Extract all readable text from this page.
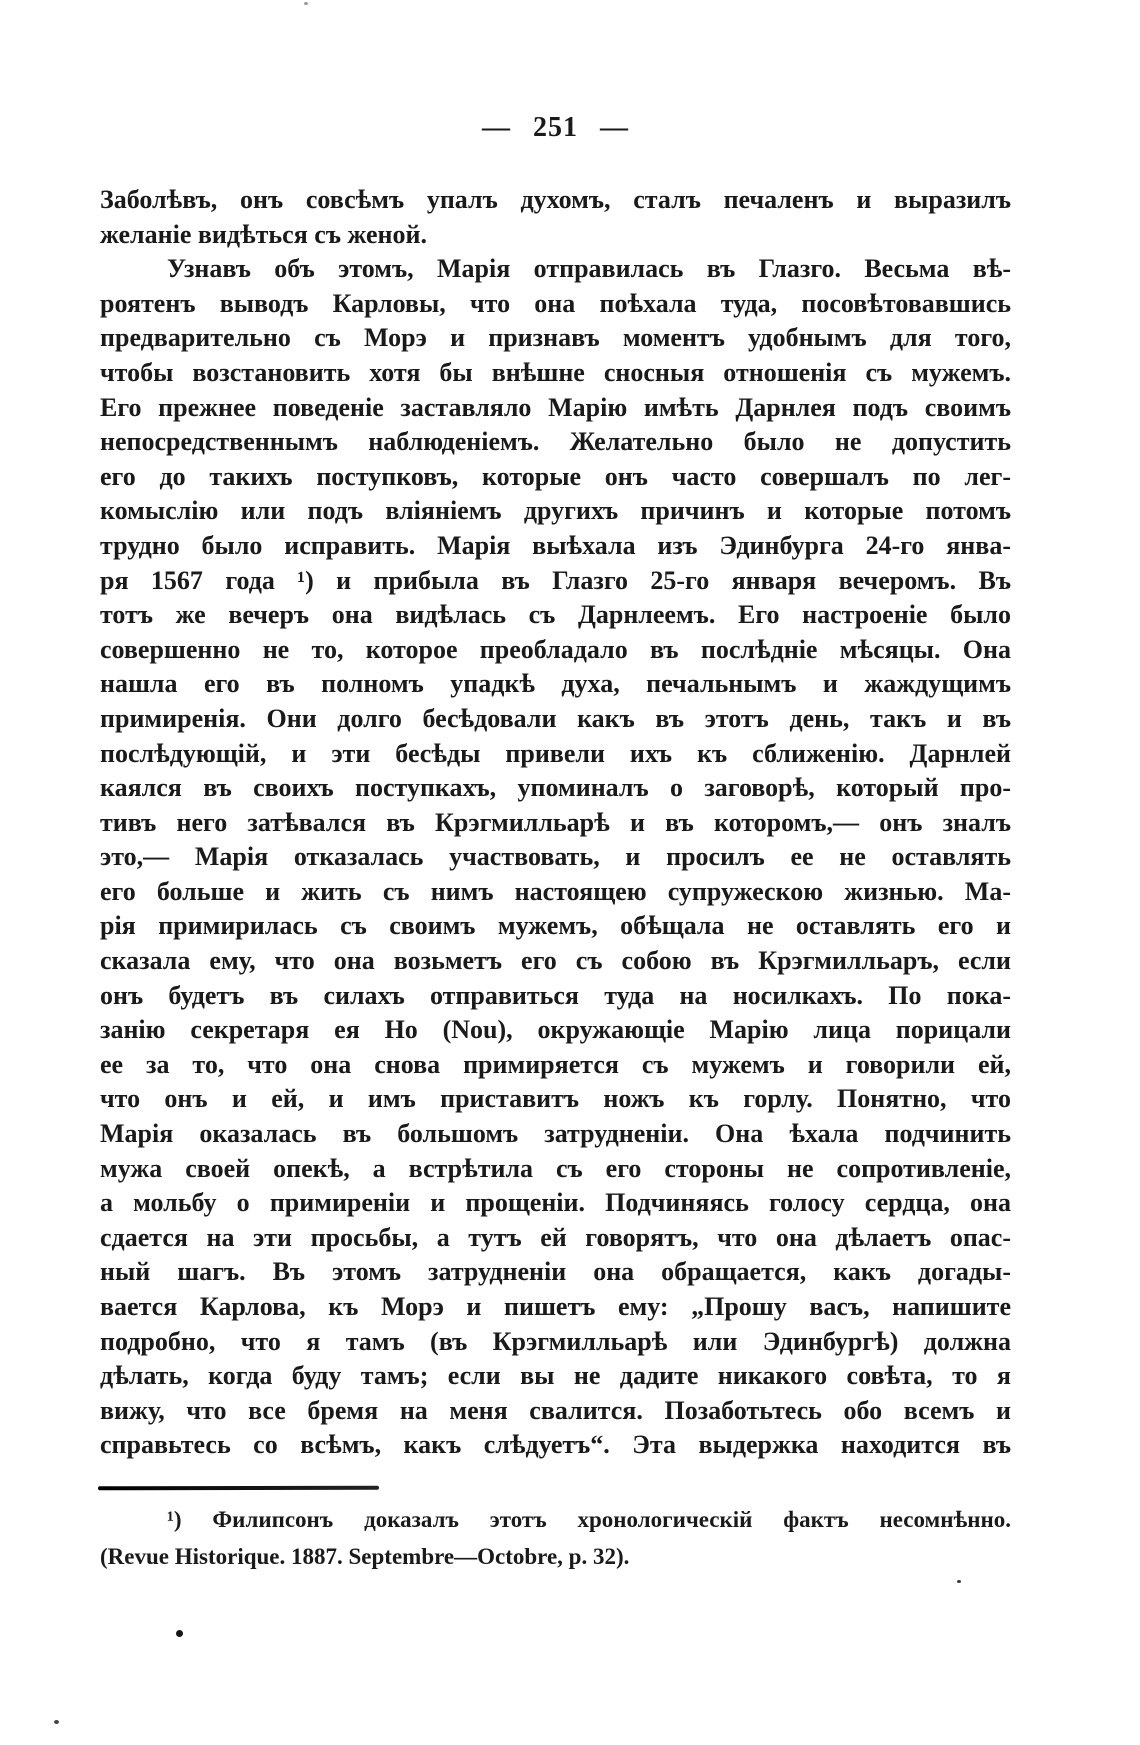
— 251 —
Заболѣвъ, онъ совсѣмъ упалъ духомъ, сталъ печаленъ и выразилъ
желаніе видѣться съ женой.
Узнавъ объ этомъ, Марія отправилась въ Глазго. Весьма вѣ-
роятенъ выводъ Карловы, что она поѣхала туда, посовѣтовавшись
предварительно съ Морэ и признавъ моментъ удобнымъ для того,
чтобы возстановить хотя бы внѣшне сносныя отношенія съ мужемъ.
Его прежнее поведеніе заставляло Марію имѣть Дарнлея подъ своимъ
непосредственнымъ наблюденіемъ. Желательно было не допустить
его до такихъ поступковъ, которые онъ часто совершалъ по лег-
комыслію или подъ вліяніемъ другихъ причинъ и которые потомъ
трудно было исправить. Марія выѣхала изъ Эдинбурга 24-го янва-
ря 1567 года ¹) и прибыла въ Глазго 25-го января вечеромъ. Въ
тотъ же вечеръ она видѣлась съ Дарнлеемъ. Его настроеніе было
совершенно не то, которое преобладало въ послѣдніе мѣсяцы. Она
нашла его въ полномъ упадкѣ духа, печальнымъ и жаждущимъ
примиренія. Они долго бесѣдовали какъ въ этотъ день, такъ и въ
послѣдующій, и эти бесѣды привели ихъ къ сближенію. Дарнлей
каялся въ своихъ поступкахъ, упоминалъ о заговорѣ, который про-
тивъ него затѣвался въ Крэгмилльарѣ и въ которомъ,— онъ зналъ
это,— Марія отказалась участвовать, и просилъ ее не оставлять
его больше и жить съ нимъ настоящею супружескою жизнью. Ма-
рія примирилась съ своимъ мужемъ, обѣщала не оставлять его и
сказала ему, что она возьметъ его съ собою въ Крэгмилльаръ, если
онъ будетъ въ силахъ отправиться туда на носилкахъ. По пока-
занію секретаря ея Но (Nou), окружающіе Марію лица порицали
ее за то, что она снова примиряется съ мужемъ и говорили ей,
что онъ и ей, и имъ приставитъ ножъ къ горлу. Понятно, что
Марія оказалась въ большомъ затрудненіи. Она ѣхала подчинить
мужа своей опекѣ, а встрѣтила съ его стороны не сопротивленіе,
а мольбу о примиреніи и прощеніи. Подчиняясь голосу сердца, она
сдается на эти просьбы, а тутъ ей говорятъ, что она дѣлаетъ опас-
ный шагъ. Въ этомъ затрудненіи она обращается, какъ догады-
вается Карлова, къ Морэ и пишетъ ему: „Прошу васъ, напишите
подробно, что я тамъ (въ Крэгмилльарѣ или Эдинбургѣ) должна
дѣлать, когда буду тамъ; если вы не дадите никакого совѣта, то я
вижу, что все бремя на меня свалится. Позаботьтесь обо всемъ и
справьтесь со всѣмъ, какъ слѣдуетъ“. Эта выдержка находится въ
¹) Филипсонъ доказалъ этотъ хронологическій фактъ несомнѣнно.
(Revue Historique. 1887. Septembre—Octobre, p. 32).
